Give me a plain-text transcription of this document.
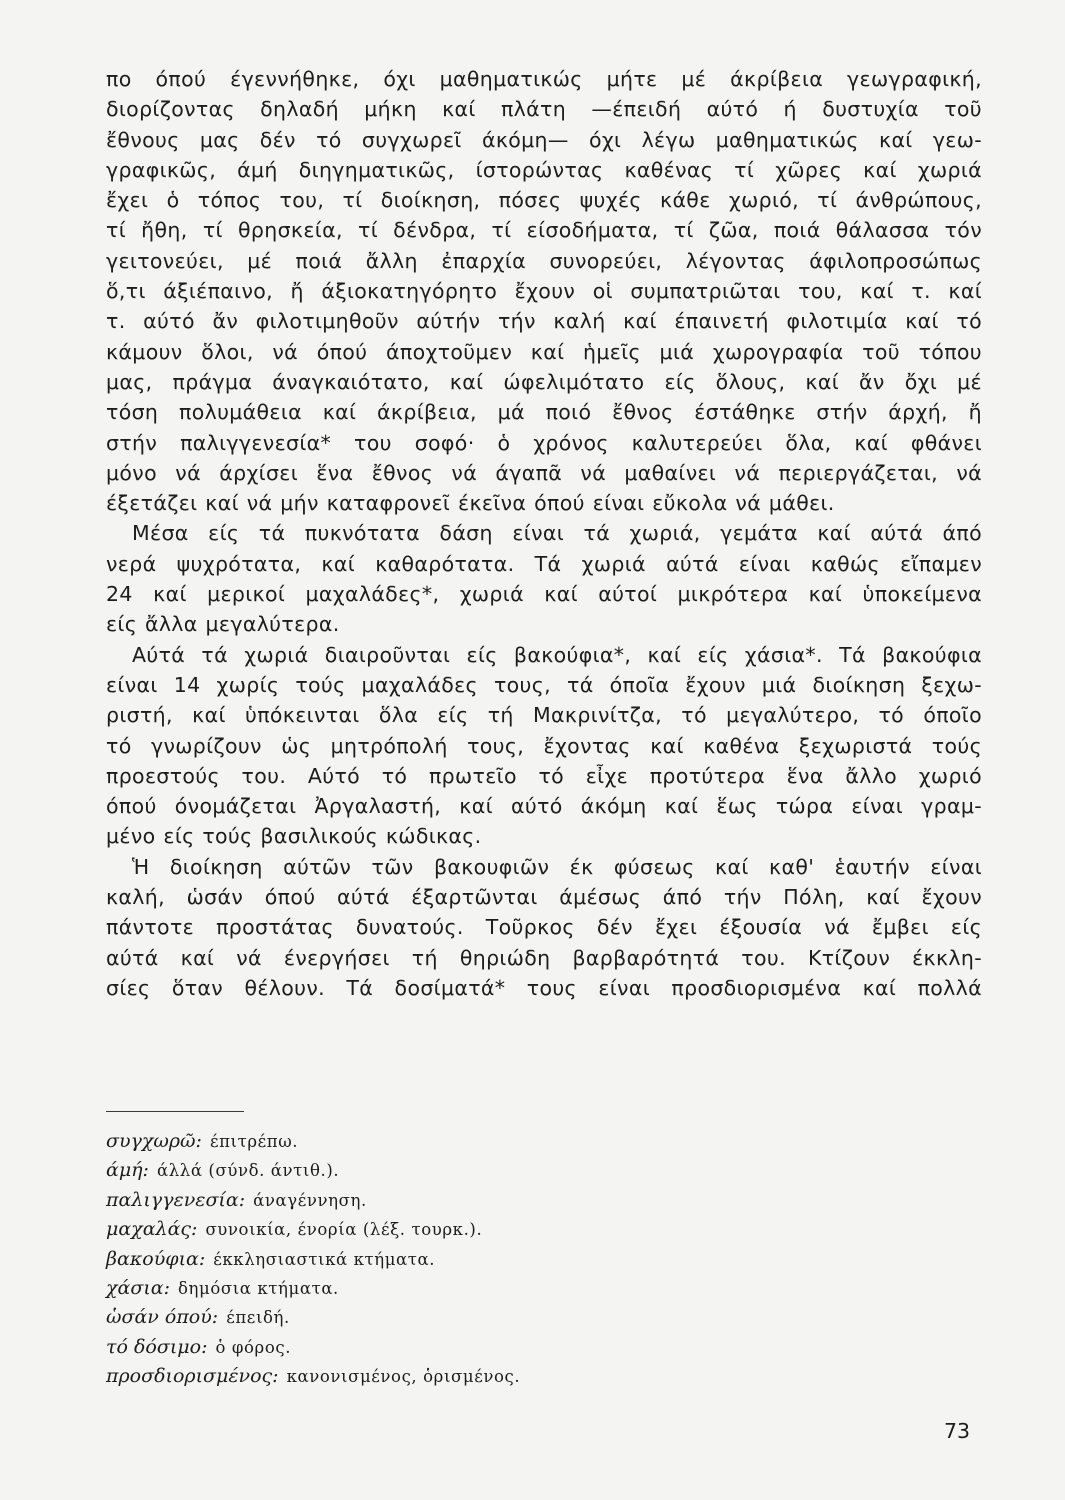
πο όπού έγεννήθηκε, όχι μαθηματικώς μήτε μέ άκρίβεια γεωγραφική,
διορίζοντας δηλαδή μήκη καί πλάτη —έπειδή αύτό ή δυστυχία τοῦ
ἔθνους μας δέν τό συγχωρεῖ άκόμη— όχι λέγω μαθηματικώς καί γεω-
γραφικῶς, άμή διηγηματικῶς, ίστορώντας καθένας τί χῶρες καί χωριά
ἔχει ὁ τόπος του, τί διοίκηση, πόσες ψυχές κάθε χωριό, τί άνθρώπους,
τί ἤθη, τί θρησκεία, τί δένδρα, τί είσοδήματα, τί ζῶα, ποιά θάλασσα τόν
γειτονεύει, μέ ποιά ἄλλη ἐπαρχία συνορεύει, λέγοντας άφιλοπροσώπως
ὅ,τι άξιέπαινο, ἤ άξιοκατηγόρητο ἔχουν οἱ συμπατριῶται του, καί τ. καί
τ. αύτό ἄν φιλοτιμηθοῦν αύτήν τήν καλή καί έπαινετή φιλοτιμία καί τό
κάμουν ὅλοι, νά όπού άποχτοῦμεν καί ἡμεῖς μιά χωρογραφία τοῦ τόπου
μας, πράγμα άναγκαιότατο, καί ώφελιμότατο είς ὅλους, καί ἄν ὄχι μέ
τόση πολυμάθεια καί άκρίβεια, μά ποιό ἔθνος έστάθηκε στήν άρχή, ἤ
στήν παλιγγενεσία* του σοφό· ὁ χρόνος καλυτερεύει ὅλα, καί φθάνει
μόνο νά άρχίσει ἕνα ἔθνος νά άγαπᾶ νά μαθαίνει νά περιεργάζεται, νά
έξετάζει καί νά μήν καταφρονεῖ έκεῖνα όπού είναι εὔκολα νά μάθει.
Μέσα είς τά πυκνότατα δάση είναι τά χωριά, γεμάτα καί αύτά άπό
νερά ψυχρότατα, καί καθαρότατα. Τά χωριά αύτά είναι καθώς εἴπαμεν
24 καί μερικοί μαχαλάδες*, χωριά καί αύτοί μικρότερα καί ὑποκείμενα
είς ἄλλα μεγαλύτερα.
Αύτά τά χωριά διαιροῦνται είς βακούφια*, καί είς χάσια*. Τά βακούφια
είναι 14 χωρίς τούς μαχαλάδες τους, τά όποῖα ἔχουν μιά διοίκηση ξεχω-
ριστή, καί ὑπόκεινται ὅλα είς τή Μακρινίτζα, τό μεγαλύτερο, τό όποῖο
τό γνωρίζουν ὡς μητρόπολή τους, ἔχοντας καί καθένα ξεχωριστά τούς
προεστούς του. Αύτό τό πρωτεῖο τό εἶχε προτύτερα ἕνα ἄλλο χωριό
όπού όνομάζεται Ἀργαλαστή, καί αύτό άκόμη καί ἕως τώρα είναι γραμ-
μένο είς τούς βασιλικούς κώδικας.
Ἡ διοίκηση αύτῶν τῶν βακουφιῶν έκ φύσεως καί καθ' ἑαυτήν είναι
καλή, ὡσάν όπού αύτά έξαρτῶνται άμέσως άπό τήν Πόλη, καί ἔχουν
πάντοτε προστάτας δυνατούς. Τοῦρκος δέν ἔχει έξουσία νά ἔμβει είς
αύτά καί νά ένεργήσει τή θηριώδη βαρβαρότητά του. Κτίζουν έκκλη-
σίες ὅταν θέλουν. Τά δοσίματά* τους είναι προσδιορισμένα καί πολλά
συγχωρῶ: έπιτρέπω.
άμή: άλλά (σύνδ. άντιθ.).
παλιγγενεσία: άναγέννηση.
μαχαλάς: συνοικία, ένορία (λέξ. τουρκ.).
βακούφια: έκκλησιαστικά κτήματα.
χάσια: δημόσια κτήματα.
ὡσάν όπού: έπειδή.
τό δόσιμο: ὁ φόρος.
προσδιορισμένος: κανονισμένος, ὁρισμένος.
73
